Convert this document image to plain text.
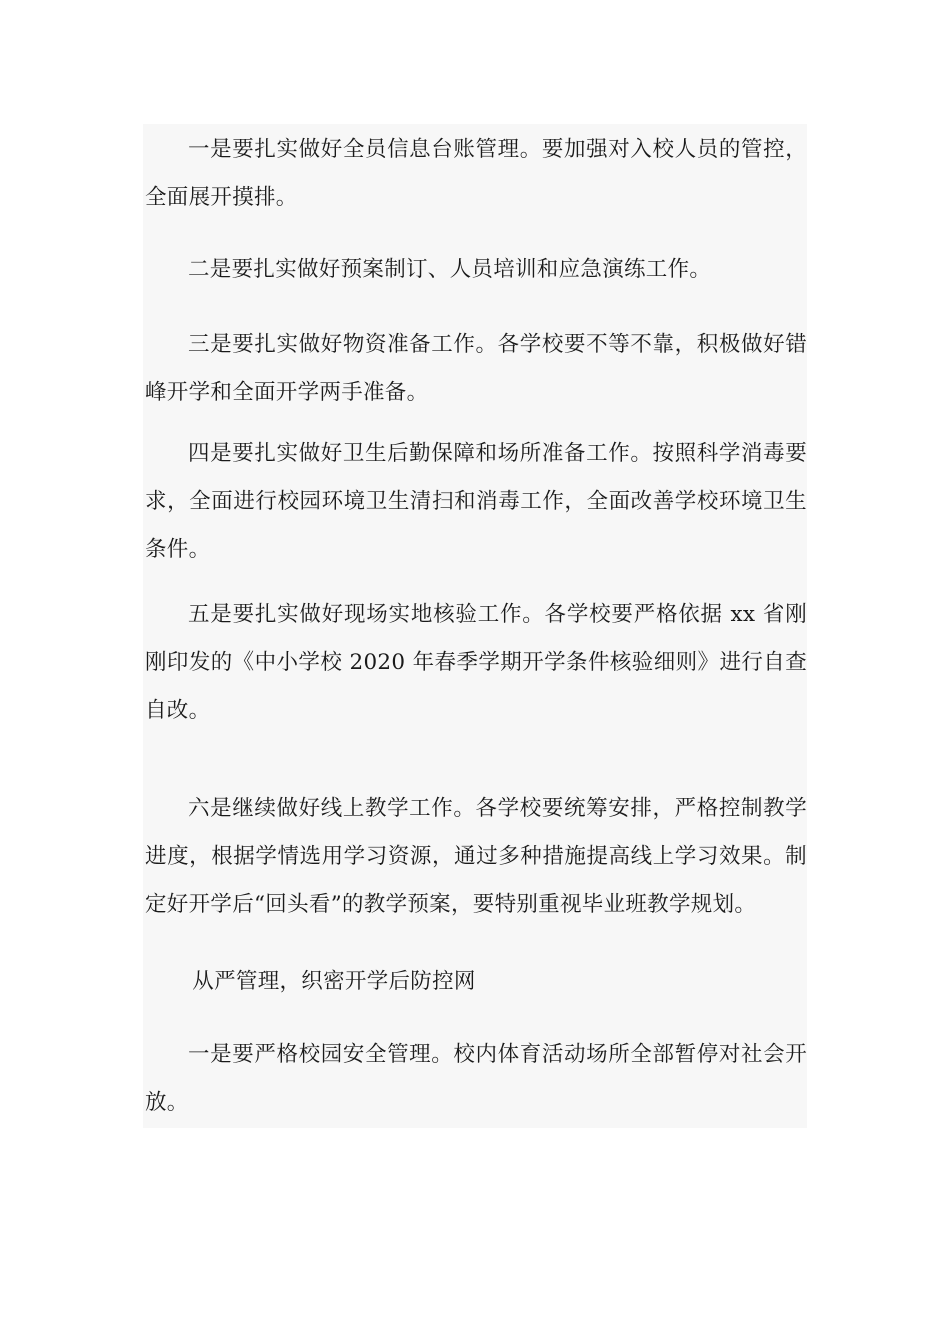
一是要扎实做好全员信息台账管理。要加强对入校人员的管控，全面展开摸排。

二是要扎实做好预案制订、人员培训和应急演练工作。

三是要扎实做好物资准备工作。各学校要不等不靠，积极做好错峰开学和全面开学两手准备。

四是要扎实做好卫生后勤保障和场所准备工作。按照科学消毒要求，全面进行校园环境卫生清扫和消毒工作，全面改善学校环境卫生条件。

五是要扎实做好现场实地核验工作。各学校要严格依据 xx 省刚刚印发的《中小学校 2020 年春季学期开学条件核验细则》进行自查自改。

六是继续做好线上教学工作。各学校要统筹安排，严格控制教学进度，根据学情选用学习资源，通过多种措施提高线上学习效果。制定好开学后“回头看”的教学预案，要特别重视毕业班教学规划。

从严管理，织密开学后防控网

一是要严格校园安全管理。校内体育活动场所全部暂停对社会开放。
